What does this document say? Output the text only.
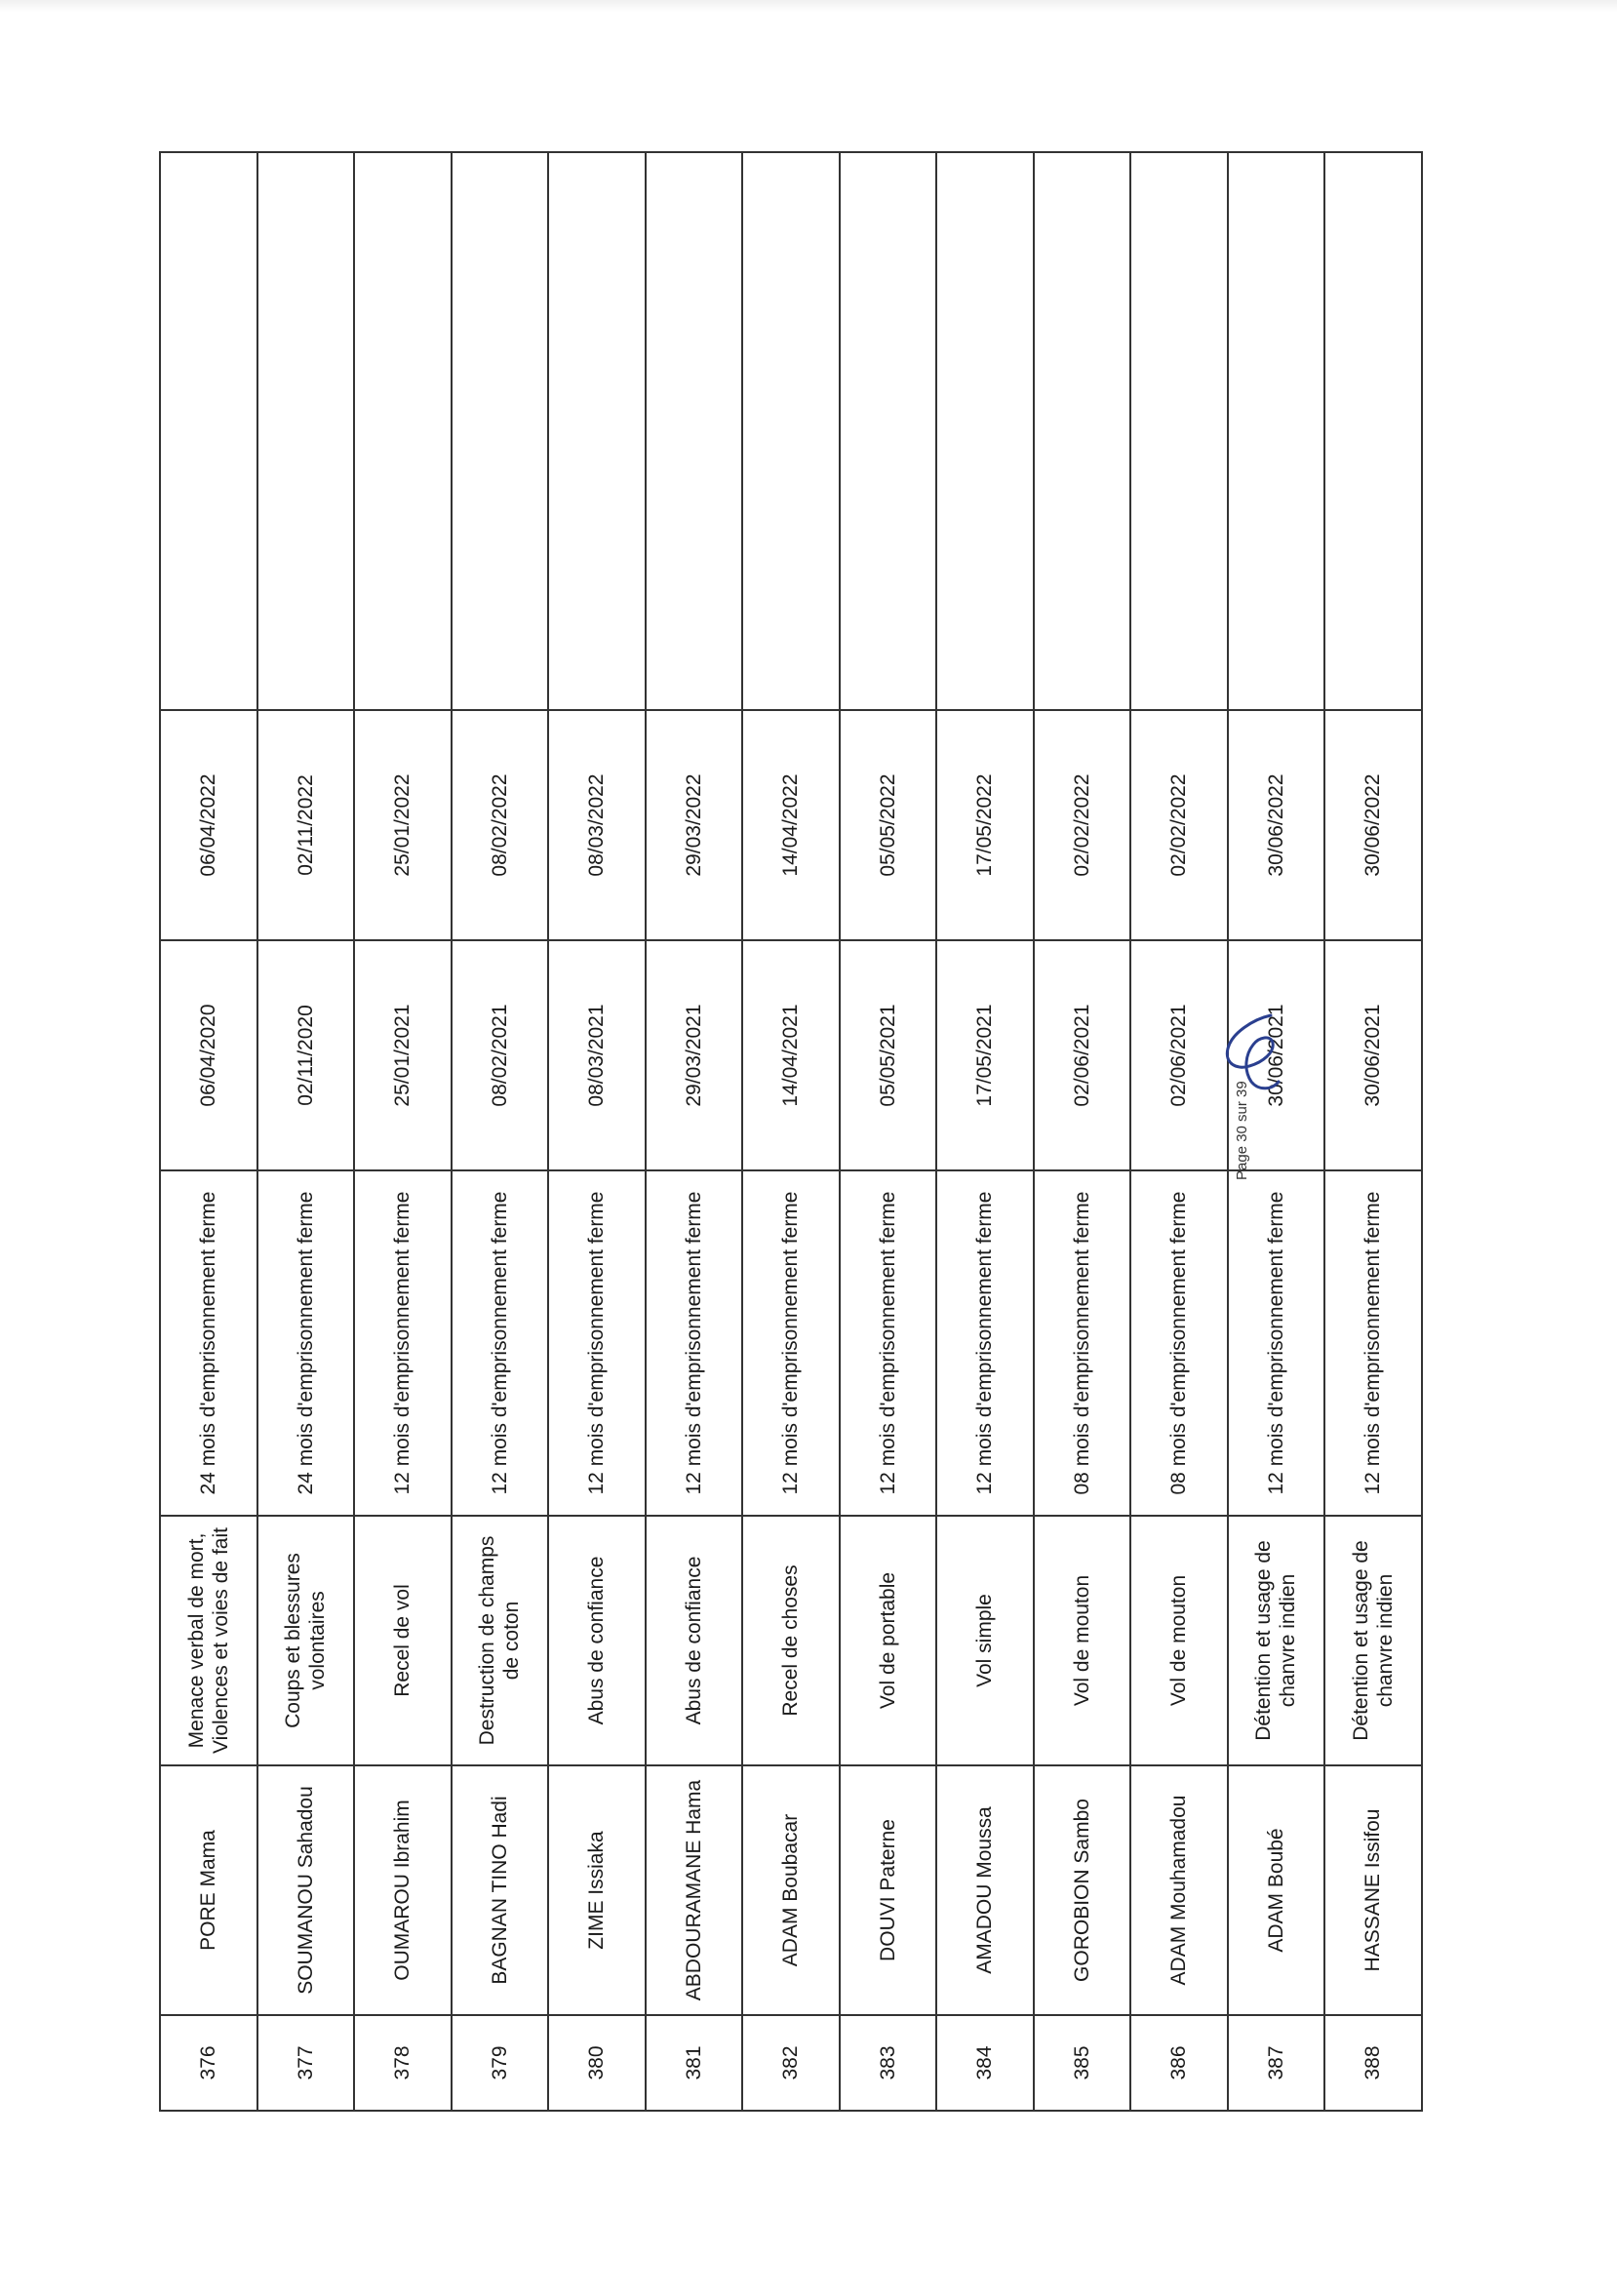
376	PORE Mama	Menace verbal de mort, Violences et voies de fait	24 mois d'emprisonnement ferme	06/04/2020	06/04/2022	
377	SOUMANOU Sahadou	Coups et blessures volontaires	24 mois d'emprisonnement ferme	02/11/2020	02/11/2022	
378	OUMAROU Ibrahim	Recel de vol	12 mois d'emprisonnement ferme	25/01/2021	25/01/2022	
379	BAGNAN TINO Hadi	Destruction de champs de coton	12 mois d'emprisonnement ferme	08/02/2021	08/02/2022	
380	ZIME Issiaka	Abus de confiance	12 mois d'emprisonnement ferme	08/03/2021	08/03/2022	
381	ABDOURAMANE Hama	Abus de confiance	12 mois d'emprisonnement ferme	29/03/2021	29/03/2022	
382	ADAM Boubacar	Recel de choses	12 mois d'emprisonnement ferme	14/04/2021	14/04/2022	
383	DOUVI Paterne	Vol de portable	12 mois d'emprisonnement ferme	05/05/2021	05/05/2022	
384	AMADOU Moussa	Vol simple	12 mois d'emprisonnement ferme	17/05/2021	17/05/2022	
385	GOROBION Sambo	Vol de mouton	08 mois d'emprisonnement ferme	02/06/2021	02/02/2022	
386	ADAM Mouhamadou	Vol de mouton	08 mois d'emprisonnement ferme	02/06/2021	02/02/2022	
387	ADAM Boubé	Détention et usage de chanvre indien	12 mois d'emprisonnement ferme	30/06/2021	30/06/2022	
388	HASSANE Issifou	Détention et usage de chanvre indien	12 mois d'emprisonnement ferme	30/06/2021	30/06/2022	
Page 30 sur 39
